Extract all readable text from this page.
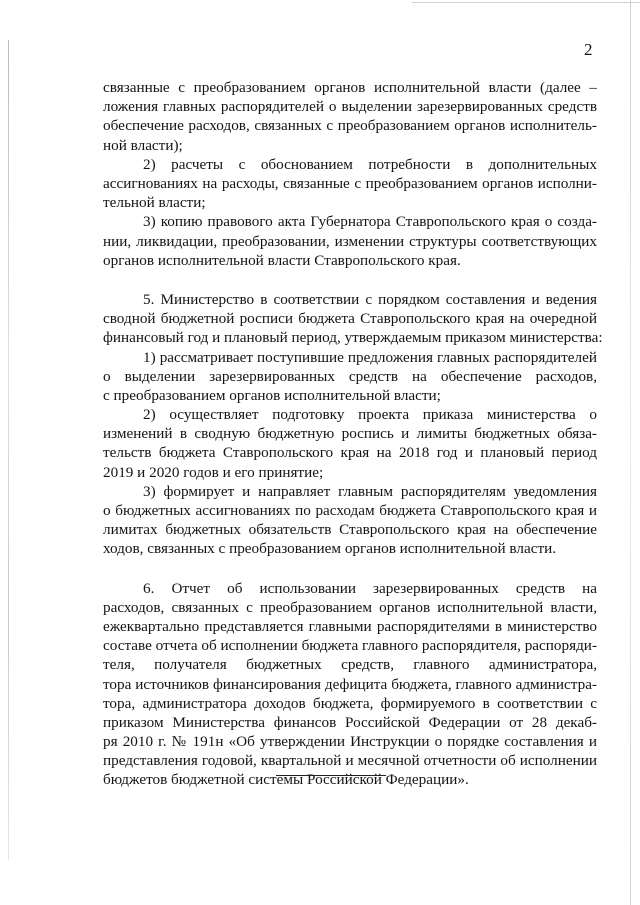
2
связанные с преобразованием органов исполнительной власти (далее –
ложения главных распорядителей о выделении зарезервированных средств
обеспечение расходов, связанных с преобразованием органов исполнитель-
ной власти);
2) расчеты с обоснованием потребности в дополнительных
ассигнованиях на расходы, связанные с преобразованием органов исполни-
тельной власти;
3) копию правового акта Губернатора Ставропольского края о созда-
нии, ликвидации, преобразовании, изменении структуры соответствующих
органов исполнительной власти Ставропольского края.
5. Министерство в соответствии с порядком составления и ведения
сводной бюджетной росписи бюджета Ставропольского края на очередной
финансовый год и плановый период, утверждаемым приказом министерства:
1) рассматривает поступившие предложения главных распорядителей
о выделении зарезервированных средств на обеспечение расходов,
с преобразованием органов исполнительной власти;
2) осуществляет подготовку проекта приказа министерства о
изменений в сводную бюджетную роспись и лимиты бюджетных обяза-
тельств бюджета Ставропольского края на 2018 год и плановый период
2019 и 2020 годов и его принятие;
3) формирует и направляет главным распорядителям уведомления
о бюджетных ассигнованиях по расходам бюджета Ставропольского края и
лимитах бюджетных обязательств Ставропольского края на обеспечение
ходов, связанных с преобразованием органов исполнительной власти.
6. Отчет об использовании зарезервированных средств на
расходов, связанных с преобразованием органов исполнительной власти,
ежеквартально представляется главными распорядителями в министерство
составе отчета об исполнении бюджета главного распорядителя, распоряди-
теля, получателя бюджетных средств, главного администратора,
тора источников финансирования дефицита бюджета, главного администра-
тора, администратора доходов бюджета, формируемого в соответствии с
приказом Министерства финансов Российской Федерации от 28 декаб-
ря 2010 г. № 191н «Об утверждении Инструкции о порядке составления и
представления годовой, квартальной и месячной отчетности об исполнении
бюджетов бюджетной системы Российской Федерации».
